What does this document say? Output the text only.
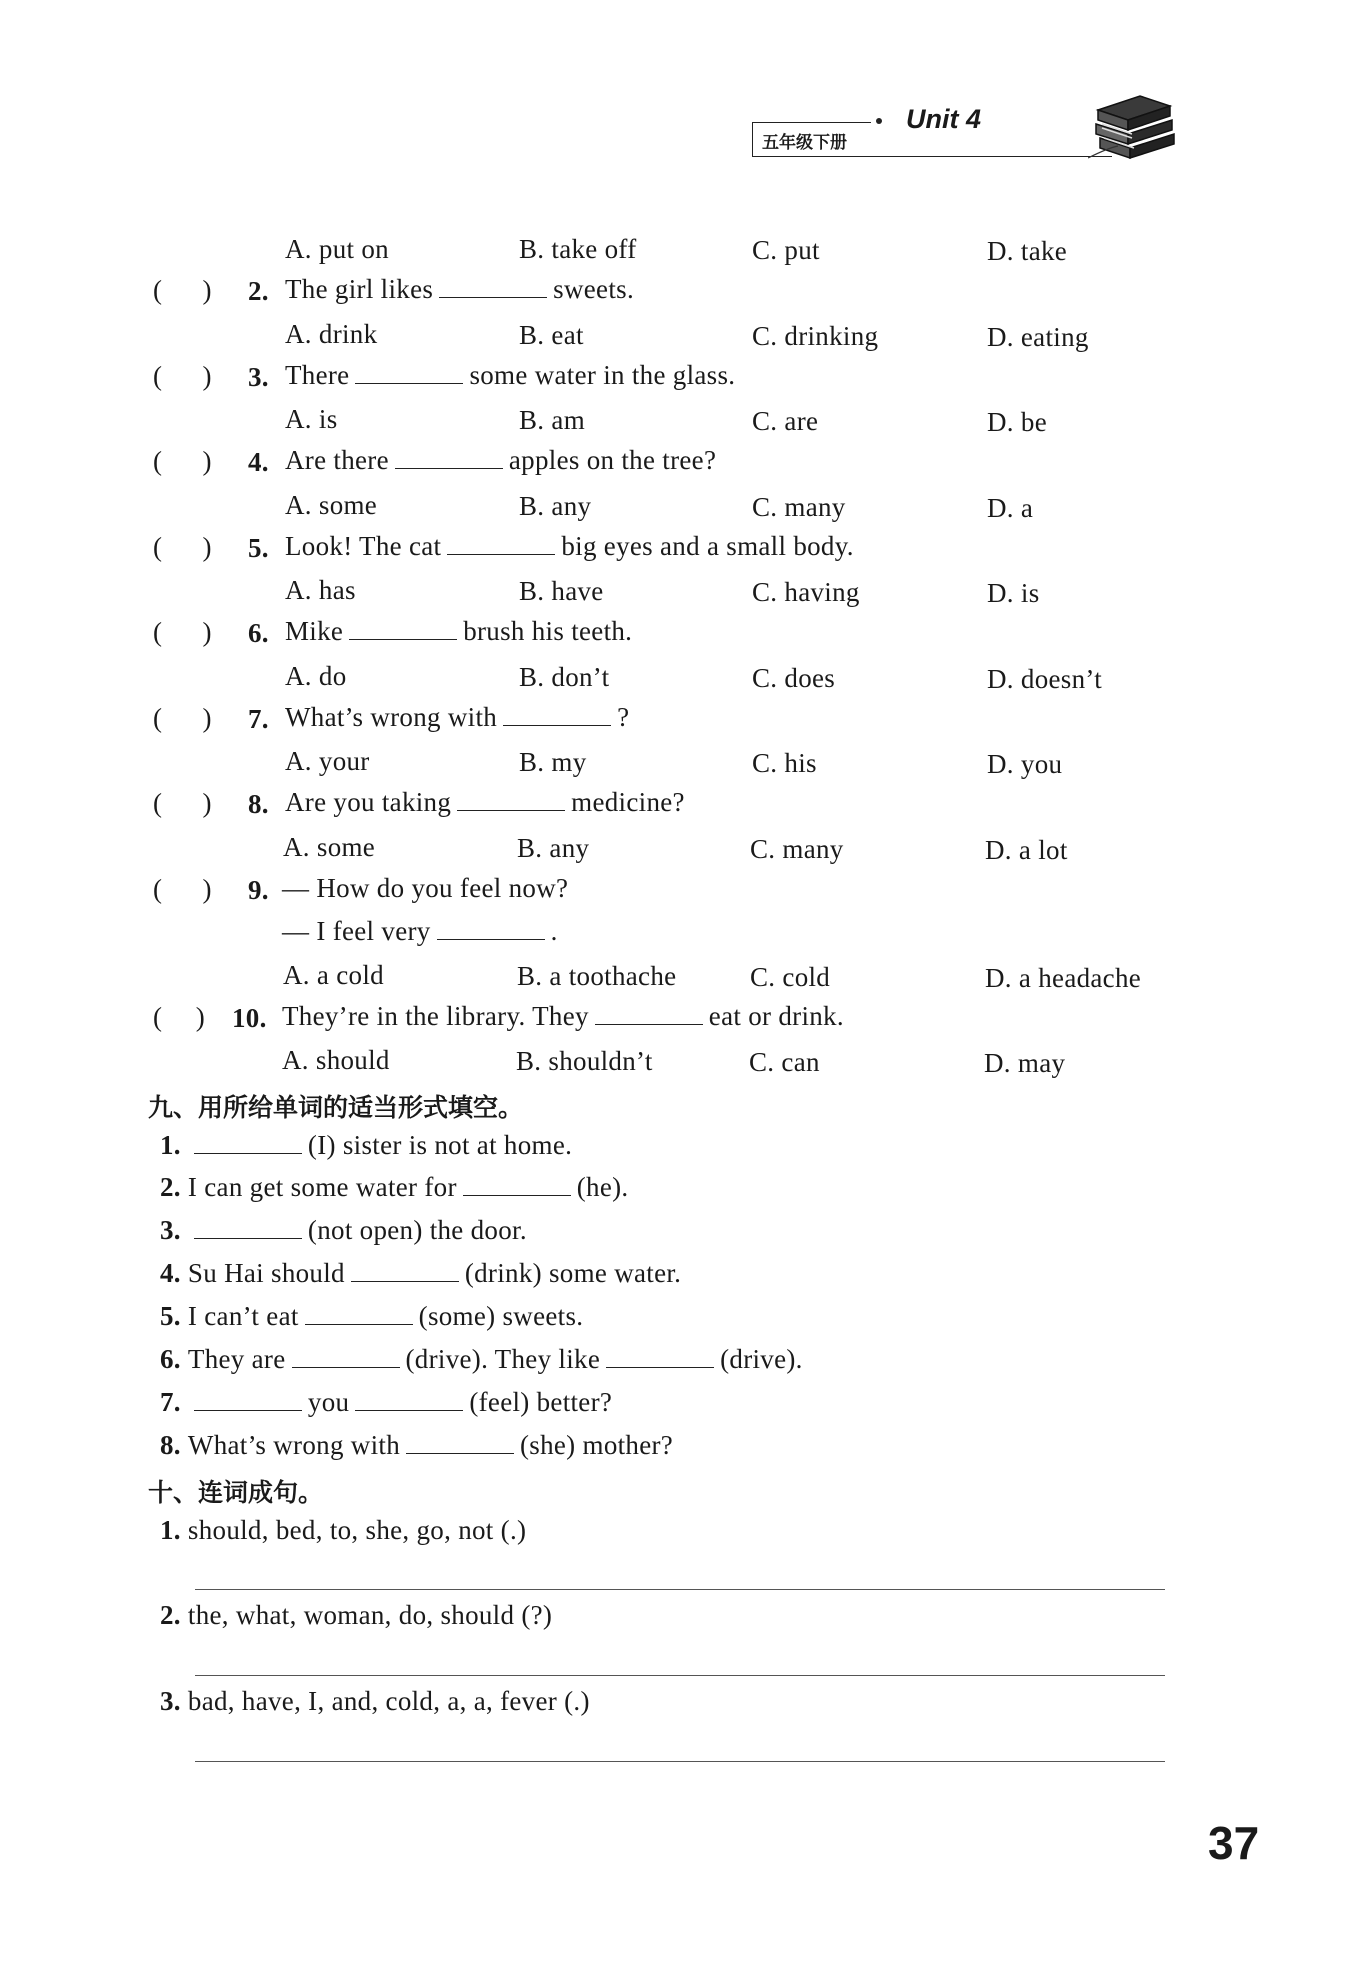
五年级下册
Unit 4
A. put on	B. take off	C. put	D. take
(      ) 2. The girl likes	sweets.
A. drink	B. eat	C. drinking	D. eating
(      ) 3. There	some water in the glass.
A. is	B. am	C. are	D. be
(      ) 4. Are there	apples on the tree?
A. some	B. any	C. many	D. a
(      ) 5. Look! The cat	big eyes and a small body.
A. has	B. have	C. having	D. is
(      ) 6. Mike	brush his teeth.
A. do	B. don’t	C. does	D. doesn’t
(      ) 7. What’s wrong with	?
A. your	B. my	C. his	D. you
(      ) 8. Are you taking	medicine?
A. some	B. any	C. many	D. a lot
(      ) 9. — How do you feel now?
— I feel very	.
A. a cold	B. a toothache	C. cold	D. a headache
(     ) 10. They’re in the library. They	eat or drink.
A. should	B. shouldn’t	C. can	D. may
九、用所给单词的适当形式填空。
1.	(I) sister is not at home.
2. I can get some water for	(he).
3.	(not open) the door.
4. Su Hai should	(drink) some water.
5. I can’t eat	(some) sweets.
6. They are	(drive). They like	(drive).
7.	you	(feel) better?
8. What’s wrong with	(she) mother?
十、连词成句。
1. should, bed, to, she, go, not (.)
2. the, what, woman, do, should (?)
3. bad, have, I, and, cold, a, a, fever (.)
37
